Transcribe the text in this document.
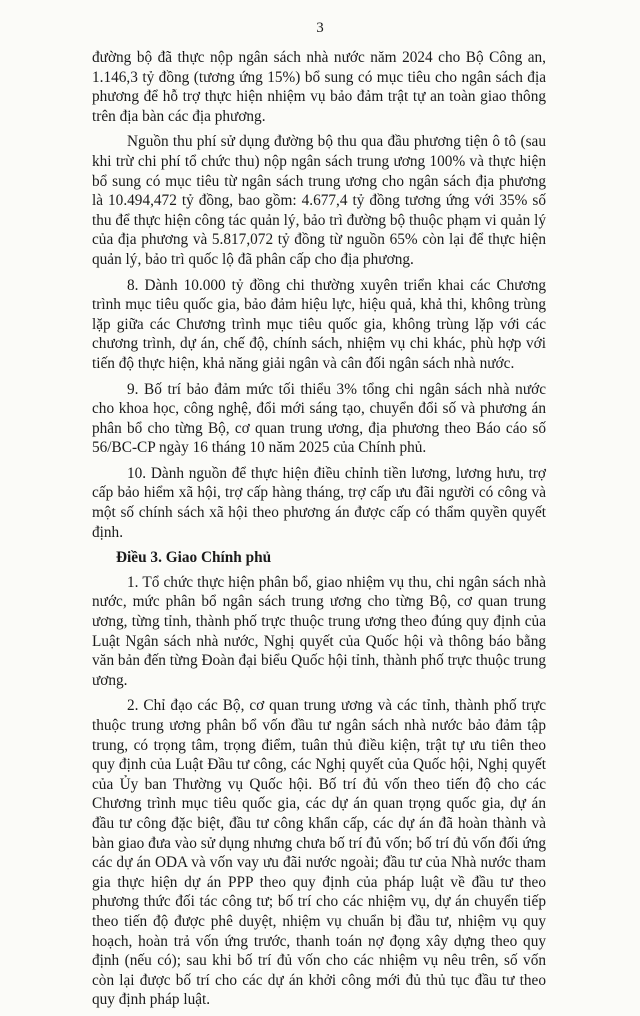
3

đường bộ đã thực nộp ngân sách nhà nước năm 2024 cho Bộ Công an, 1.146,3 tỷ đồng (tương ứng 15%) bổ sung có mục tiêu cho ngân sách địa phương để hỗ trợ thực hiện nhiệm vụ bảo đảm trật tự an toàn giao thông trên địa bàn các địa phương.

Nguồn thu phí sử dụng đường bộ thu qua đầu phương tiện ô tô (sau khi trừ chi phí tổ chức thu) nộp ngân sách trung ương 100% và thực hiện bổ sung có mục tiêu từ ngân sách trung ương cho ngân sách địa phương là 10.494,472 tỷ đồng, bao gồm: 4.677,4 tỷ đồng tương ứng với 35% số thu để thực hiện công tác quản lý, bảo trì đường bộ thuộc phạm vi quản lý của địa phương và 5.817,072 tỷ đồng từ nguồn 65% còn lại để thực hiện quản lý, bảo trì quốc lộ đã phân cấp cho địa phương.

8. Dành 10.000 tỷ đồng chi thường xuyên triển khai các Chương trình mục tiêu quốc gia, bảo đảm hiệu lực, hiệu quả, khả thi, không trùng lặp giữa các Chương trình mục tiêu quốc gia, không trùng lặp với các chương trình, dự án, chế độ, chính sách, nhiệm vụ chi khác, phù hợp với tiến độ thực hiện, khả năng giải ngân và cân đối ngân sách nhà nước.

9. Bố trí bảo đảm mức tối thiểu 3% tổng chi ngân sách nhà nước cho khoa học, công nghệ, đổi mới sáng tạo, chuyển đổi số và phương án phân bổ cho từng Bộ, cơ quan trung ương, địa phương theo Báo cáo số 56/BC-CP ngày 16 tháng 10 năm 2025 của Chính phủ.

10. Dành nguồn để thực hiện điều chỉnh tiền lương, lương hưu, trợ cấp bảo hiểm xã hội, trợ cấp hàng tháng, trợ cấp ưu đãi người có công và một số chính sách xã hội theo phương án được cấp có thẩm quyền quyết định.

Điều 3. Giao Chính phủ

1. Tổ chức thực hiện phân bổ, giao nhiệm vụ thu, chi ngân sách nhà nước, mức phân bổ ngân sách trung ương cho từng Bộ, cơ quan trung ương, từng tỉnh, thành phố trực thuộc trung ương theo đúng quy định của Luật Ngân sách nhà nước, Nghị quyết của Quốc hội và thông báo bằng văn bản đến từng Đoàn đại biểu Quốc hội tỉnh, thành phố trực thuộc trung ương.

2. Chỉ đạo các Bộ, cơ quan trung ương và các tỉnh, thành phố trực thuộc trung ương phân bổ vốn đầu tư ngân sách nhà nước bảo đảm tập trung, có trọng tâm, trọng điểm, tuân thủ điều kiện, trật tự ưu tiên theo quy định của Luật Đầu tư công, các Nghị quyết của Quốc hội, Nghị quyết của Ủy ban Thường vụ Quốc hội. Bố trí đủ vốn theo tiến độ cho các Chương trình mục tiêu quốc gia, các dự án quan trọng quốc gia, dự án đầu tư công đặc biệt, đầu tư công khẩn cấp, các dự án đã hoàn thành và bàn giao đưa vào sử dụng nhưng chưa bố trí đủ vốn; bố trí đủ vốn đối ứng các dự án ODA và vốn vay ưu đãi nước ngoài; đầu tư của Nhà nước tham gia thực hiện dự án PPP theo quy định của pháp luật về đầu tư theo phương thức đối tác công tư; bố trí cho các nhiệm vụ, dự án chuyển tiếp theo tiến độ được phê duyệt, nhiệm vụ chuẩn bị đầu tư, nhiệm vụ quy hoạch, hoàn trả vốn ứng trước, thanh toán nợ đọng xây dựng theo quy định (nếu có); sau khi bố trí đủ vốn cho các nhiệm vụ nêu trên, số vốn còn lại được bố trí cho các dự án khởi công mới đủ thủ tục đầu tư theo quy định pháp luật.
